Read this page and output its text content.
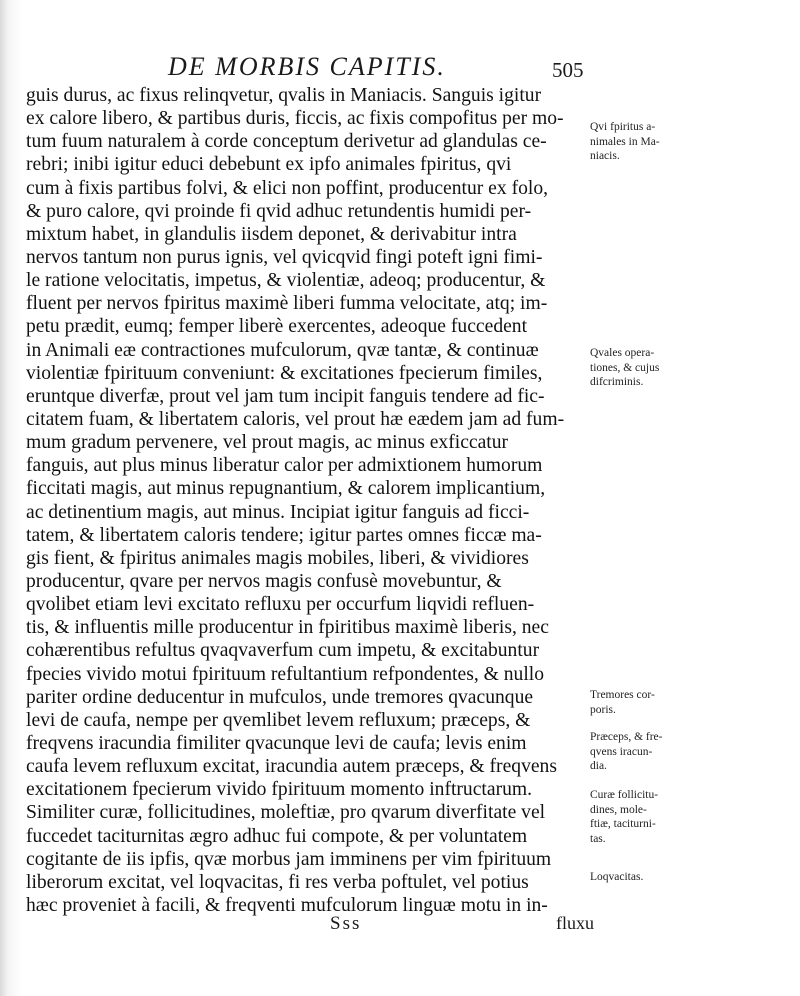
DE MORBIS CAPITIS.	505
guis durus, ac fixus relinqvetur, qvalis in Maniacis. Sanguis igitur
ex calore libero, & partibus duris, ficcis, ac fixis compofitus per mo-
tum fuum naturalem à corde conceptum derivetur ad glandulas ce-
rebri; inibi igitur educi debebunt ex ipfo animales fpiritus, qvi
cum à fixis partibus folvi, & elici non poffint, producentur ex folo,
& puro calore, qvi proinde fi qvid adhuc retundentis humidi per-
mixtum habet, in glandulis iisdem deponet, & derivabitur intra
nervos tantum non purus ignis, vel qvicqvid fingi poteft igni fimi-
le ratione velocitatis, impetus, & violentiæ, adeoq; producentur, &
fluent per nervos fpiritus maximè liberi fumma velocitate, atq; im-
petu prædit, eumq; femper liberè exercentes, adeoque fuccedent
in Animali eæ contractiones mufculorum, qvæ tantæ, & continuæ
violentiæ fpirituum conveniunt: & excitationes fpecierum fimiles,
eruntque diverfæ, prout vel jam tum incipit fanguis tendere ad fic-
citatem fuam, & libertatem caloris, vel prout hæ eædem jam ad fum-
mum gradum pervenere, vel prout magis, ac minus exficcatur
fanguis, aut plus minus liberatur calor per admixtionem humorum
ficcitati magis, aut minus repugnantium, & calorem implicantium,
ac detinentium magis, aut minus. Incipiat igitur fanguis ad ficci-
tatem, & libertatem caloris tendere; igitur partes omnes ficcæ ma-
gis fient, & fpiritus animales magis mobiles, liberi, & vividiores
producentur, qvare per nervos magis confusè movebuntur, &
qvolibet etiam levi excitato refluxu per occurfum liqvidi refluen-
tis, & influentis mille producentur in fpiritibus maximè liberis, nec
cohærentibus refultus qvaqvaverfum cum impetu, & excitabuntur
fpecies vivido motui fpirituum refultantium refpondentes, & nullo
pariter ordine deducentur in mufculos, unde tremores qvacunque
levi de caufa, nempe per qvemlibet levem refluxum; præceps, &
freqvens iracundia fimiliter qvacunque levi de caufa; levis enim
caufa levem refluxum excitat, iracundia autem præceps, & freqvens
excitationem fpecierum vivido fpirituum momento inftructarum.
Similiter curæ, follicitudines, moleftiæ, pro qvarum diverfitate vel
fuccedet taciturnitas ægro adhuc fui compote, & per voluntatem
cogitante de iis ipfis, qvæ morbus jam imminens per vim fpirituum
liberorum excitat, vel loqvacitas, fi res verba poftulet, vel potius
hæc proveniet à facili, & freqventi mufculorum linguæ motu in in-
Qvi fpiritus a-
nimales in Ma-
niacis.
Qvales opera-
tiones, & cujus
difcriminis.
Tremores cor-
poris.
Præceps, & fre-
qvens iracun-
dia.
Curæ follicitu-
dines, mole-
ftiæ, taciturni-
tas.
Loqvacitas.
Sss	fluxu
